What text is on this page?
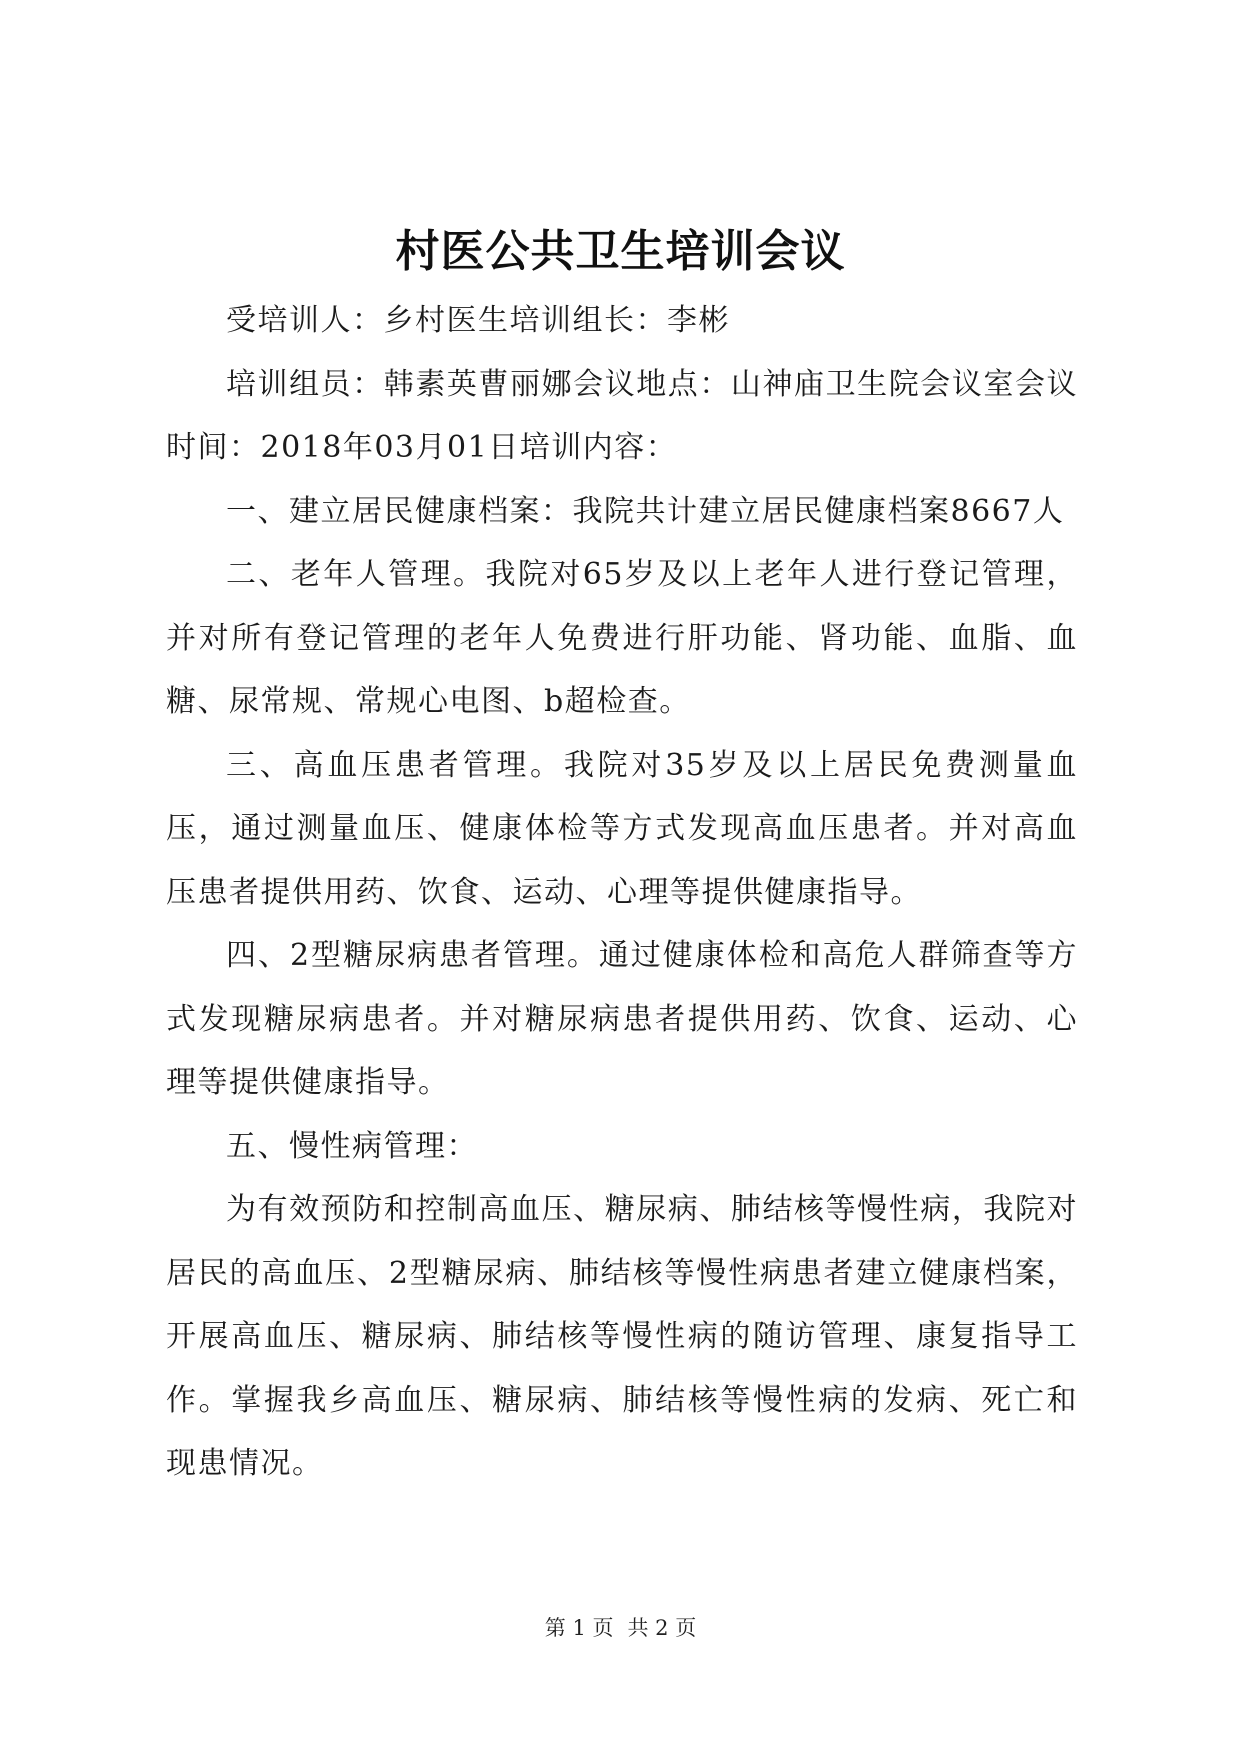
村医公共卫生培训会议

受培训人：乡村医生培训组长：李彬

培训组员：韩素英曹丽娜会议地点：山神庙卫生院会议室会议时间：2018年03月01日培训内容：

一、建立居民健康档案：我院共计建立居民健康档案8667人

二、老年人管理。我院对65岁及以上老年人进行登记管理，并对所有登记管理的老年人免费进行肝功能、肾功能、血脂、血糖、尿常规、常规心电图、b超检查。

三、高血压患者管理。我院对35岁及以上居民免费测量血压，通过测量血压、健康体检等方式发现高血压患者。并对高血压患者提供用药、饮食、运动、心理等提供健康指导。

四、2型糖尿病患者管理。通过健康体检和高危人群筛查等方式发现糖尿病患者。并对糖尿病患者提供用药、饮食、运动、心理等提供健康指导。

五、慢性病管理：

为有效预防和控制高血压、糖尿病、肺结核等慢性病，我院对居民的高血压、2型糖尿病、肺结核等慢性病患者建立健康档案，开展高血压、糖尿病、肺结核等慢性病的随访管理、康复指导工作。掌握我乡高血压、糖尿病、肺结核等慢性病的发病、死亡和现患情况。

第 1 页 共 2 页
